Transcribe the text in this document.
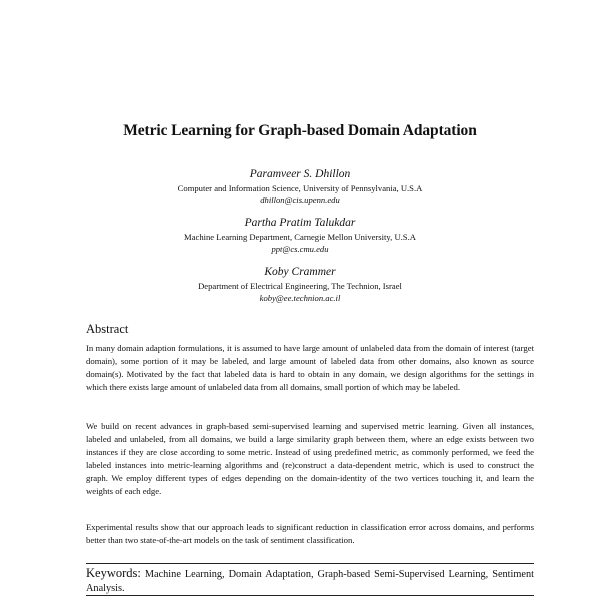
Metric Learning for Graph-based Domain Adaptation
Paramveer S. Dhillon
Computer and Information Science, University of Pennsylvania, U.S.A
dhillon@cis.upenn.edu
Partha Pratim Talukdar
Machine Learning Department, Carnegie Mellon University, U.S.A
ppt@cs.cmu.edu
Koby Crammer
Department of Electrical Engineering, The Technion, Israel
koby@ee.technion.ac.il
Abstract

In many domain adaption formulations, it is assumed to have large amount of unlabeled data from the domain of interest (target domain), some portion of it may be labeled, and large amount of labeled data from other domains, also known as source domain(s). Motivated by the fact that labeled data is hard to obtain in any domain, we design algorithms for the settings in which there exists large amount of unlabeled data from all domains, small portion of which may be labeled.

We build on recent advances in graph-based semi-supervised learning and supervised metric learning. Given all instances, labeled and unlabeled, from all domains, we build a large similarity graph between them, where an edge exists between two instances if they are close according to some metric. Instead of using predefined metric, as commonly performed, we feed the labeled instances into metric-learning algorithms and (re)construct a data-dependent metric, which is used to construct the graph. We employ different types of edges depending on the domain-identity of the two vertices touching it, and learn the weights of each edge.

Experimental results show that our approach leads to significant reduction in classification error across domains, and performs better than two state-of-the-art models on the task of sentiment classification.

Keywords: Machine Learning, Domain Adaptation, Graph-based Semi-Supervised Learning, Sentiment Analysis.
